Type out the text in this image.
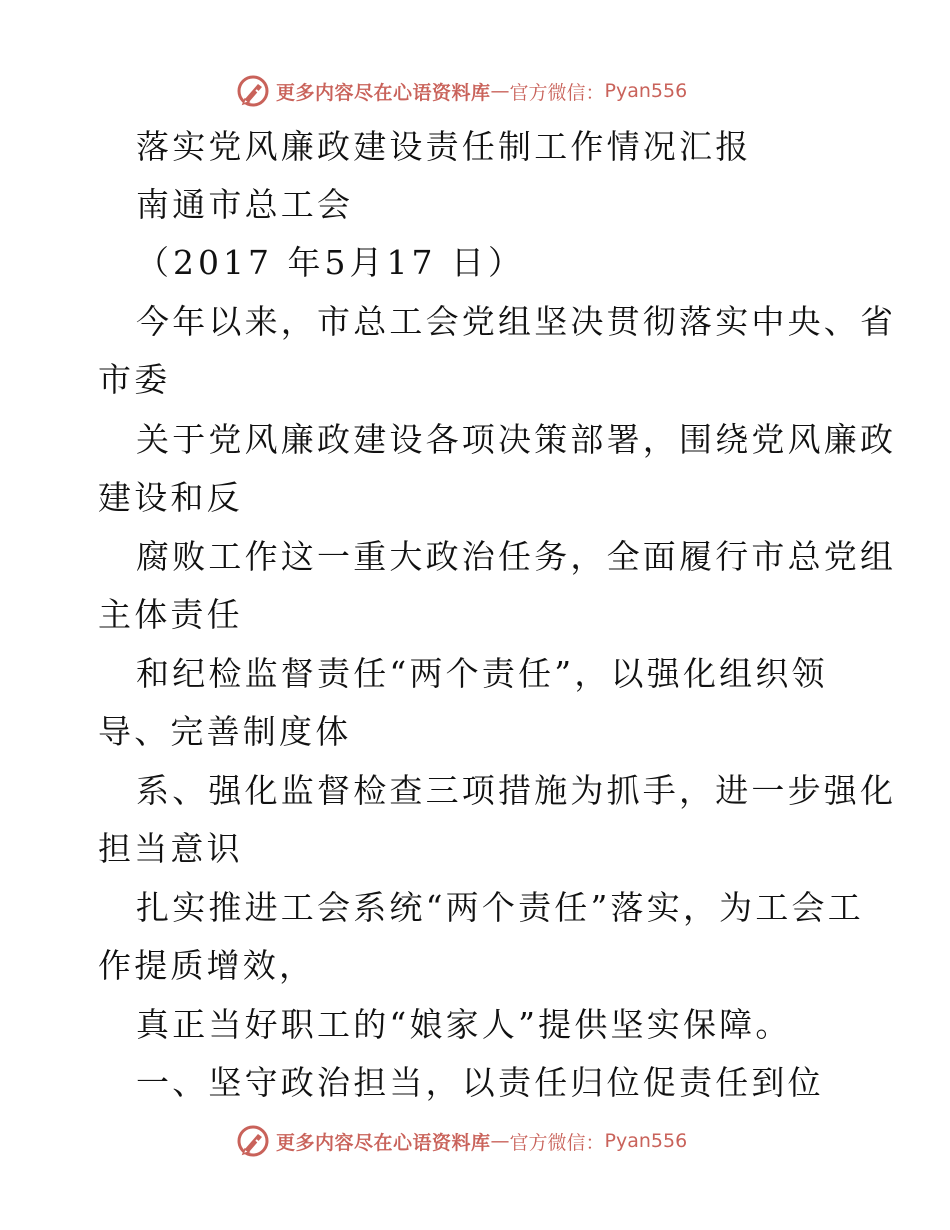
更多内容尽在心语资料库 — 官方微信： Pyan556
落实党风廉政建设责任制工作情况汇报
南通市总工会
（2017 年5月17 日）
今年以来，市总工会党组坚决贯彻落实中央、省
市委
关于党风廉政建设各项决策部署，围绕党风廉政
建设和反
腐败工作这一重大政治任务，全面履行市总党组
主体责任
和纪检监督责任“两个责任”，以强化组织领
导、完善制度体
系、强化监督检查三项措施为抓手，进一步强化
担当意识
扎实推进工会系统“两个责任”落实，为工会工
作提质增效，
真正当好职工的“娘家人”提供坚实保障。
一、坚守政治担当，以责任归位促责任到位
更多内容尽在心语资料库 — 官方微信： Pyan556
